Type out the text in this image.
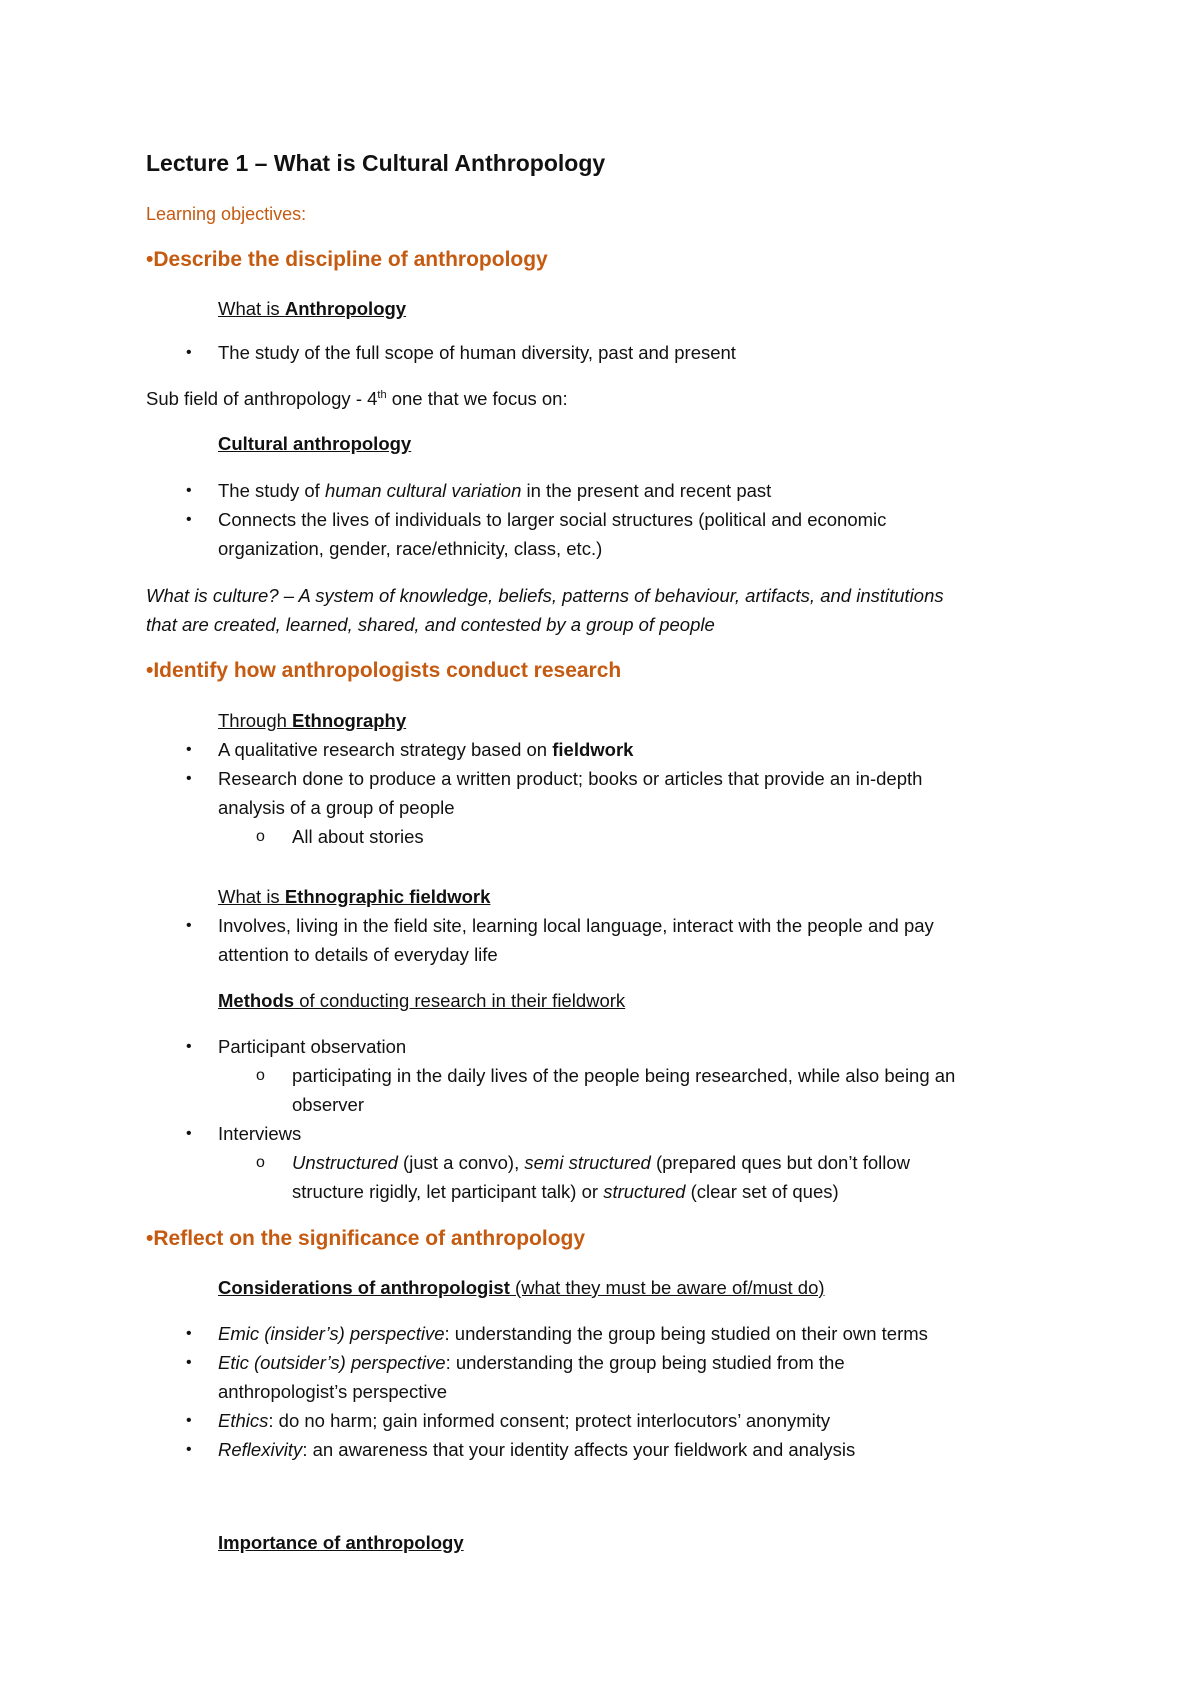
Lecture 1 – What is Cultural Anthropology
Learning objectives:
•Describe the discipline of anthropology
What is Anthropology
• The study of the full scope of human diversity, past and present
Sub field of anthropology - 4th one that we focus on:
Cultural anthropology
• The study of human cultural variation in the present and recent past
• Connects the lives of individuals to larger social structures (political and economic
organization, gender, race/ethnicity, class, etc.)
What is culture? – A system of knowledge, beliefs, patterns of behaviour, artifacts, and institutions
that are created, learned, shared, and contested by a group of people
•Identify how anthropologists conduct research
Through Ethnography
• A qualitative research strategy based on fieldwork
• Research done to produce a written product; books or articles that provide an in-depth
analysis of a group of people
o All about stories
What is Ethnographic fieldwork
• Involves, living in the field site, learning local language, interact with the people and pay
attention to details of everyday life
Methods of conducting research in their fieldwork
• Participant observation
o participating in the daily lives of the people being researched, while also being an
observer
• Interviews
o Unstructured (just a convo), semi structured (prepared ques but don’t follow
structure rigidly, let participant talk) or structured (clear set of ques)
•Reflect on the significance of anthropology
Considerations of anthropologist (what they must be aware of/must do)
• Emic (insider’s) perspective: understanding the group being studied on their own terms
• Etic (outsider’s) perspective: understanding the group being studied from the
anthropologist’s perspective
• Ethics: do no harm; gain informed consent; protect interlocutors’ anonymity
• Reflexivity: an awareness that your identity affects your fieldwork and analysis
Importance of anthropology
